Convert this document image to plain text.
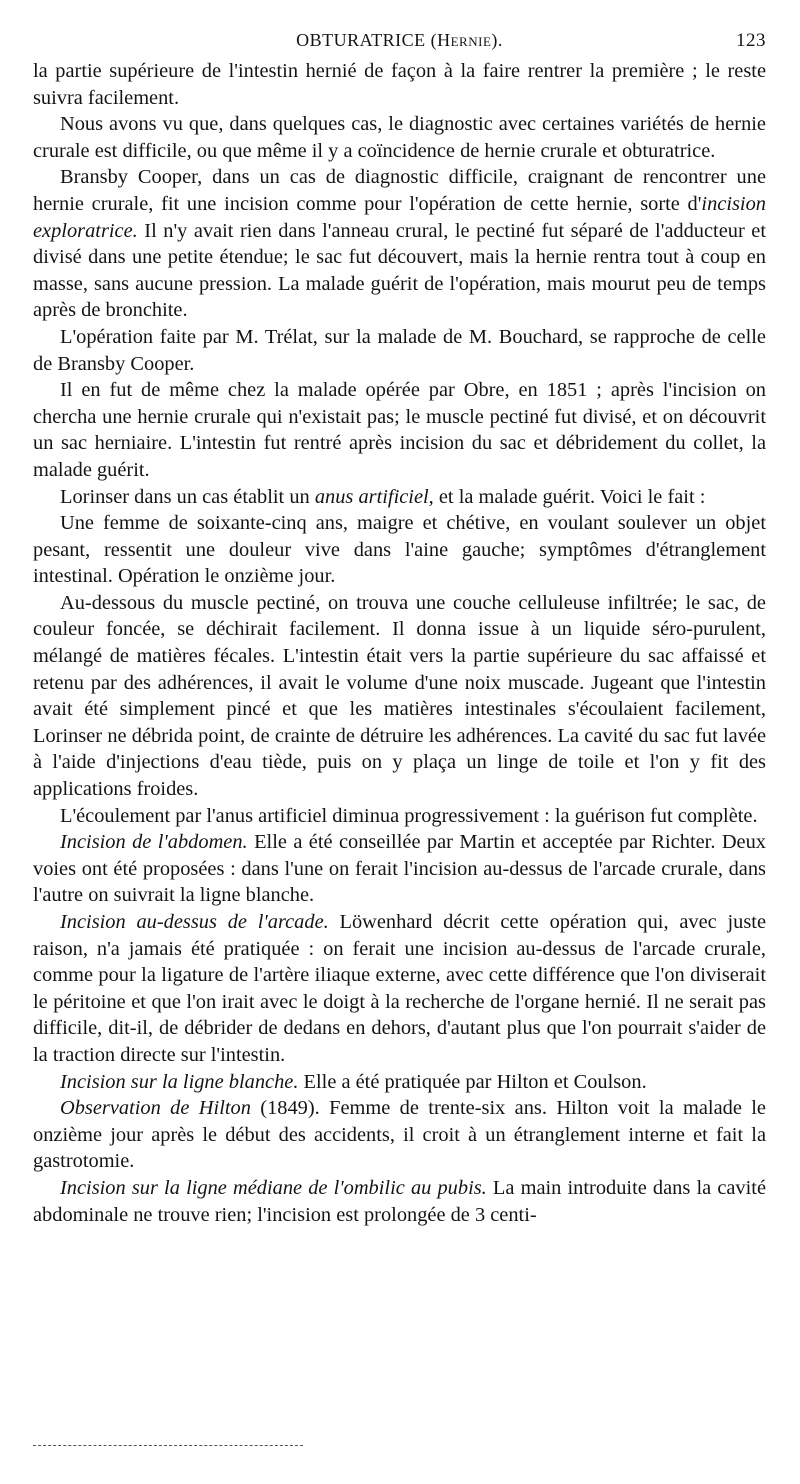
OBTURATRICE (Hernie).	123

la partie supérieure de l'intestin hernié de façon à la faire rentrer la première ; le reste suivra facilement.

Nous avons vu que, dans quelques cas, le diagnostic avec certaines variétés de hernie crurale est difficile, ou que même il y a coïncidence de hernie crurale et obturatrice.

Bransby Cooper, dans un cas de diagnostic difficile, craignant de rencontrer une hernie crurale, fit une incision comme pour l'opération de cette hernie, sorte d'incision exploratrice. Il n'y avait rien dans l'anneau crural, le pectiné fut séparé de l'adducteur et divisé dans une petite étendue; le sac fut découvert, mais la hernie rentra tout à coup en masse, sans aucune pression. La malade guérit de l'opération, mais mourut peu de temps après de bronchite.

L'opération faite par M. Trélat, sur la malade de M. Bouchard, se rapproche de celle de Bransby Cooper.

Il en fut de même chez la malade opérée par Obre, en 1851 ; après l'incision on chercha une hernie crurale qui n'existait pas; le muscle pectiné fut divisé, et on découvrit un sac herniaire. L'intestin fut rentré après incision du sac et débridement du collet, la malade guérit.

Lorinser dans un cas établit un anus artificiel, et la malade guérit. Voici le fait :

Une femme de soixante-cinq ans, maigre et chétive, en voulant soulever un objet pesant, ressentit une douleur vive dans l'aine gauche; symptômes d'étranglement intestinal. Opération le onzième jour.

Au-dessous du muscle pectiné, on trouva une couche celluleuse infiltrée; le sac, de couleur foncée, se déchirait facilement. Il donna issue à un liquide séro-purulent, mélangé de matières fécales. L'intestin était vers la partie supérieure du sac affaissé et retenu par des adhérences, il avait le volume d'une noix muscade. Jugeant que l'intestin avait été simplement pincé et que les matières intestinales s'écoulaient facilement, Lorinser ne débrida point, de crainte de détruire les adhérences. La cavité du sac fut lavée à l'aide d'injections d'eau tiède, puis on y plaça un linge de toile et l'on y fit des applications froides.

L'écoulement par l'anus artificiel diminua progressivement : la guérison fut complète.

Incision de l'abdomen. Elle a été conseillée par Martin et acceptée par Richter. Deux voies ont été proposées : dans l'une on ferait l'incision au-dessus de l'arcade crurale, dans l'autre on suivrait la ligne blanche.

Incision au-dessus de l'arcade. Löwenhard décrit cette opération qui, avec juste raison, n'a jamais été pratiquée : on ferait une incision au-dessus de l'arcade crurale, comme pour la ligature de l'artère iliaque externe, avec cette différence que l'on diviserait le péritoine et que l'on irait avec le doigt à la recherche de l'organe hernié. Il ne serait pas difficile, dit-il, de débrider de dedans en dehors, d'autant plus que l'on pourrait s'aider de la traction directe sur l'intestin.

Incision sur la ligne blanche. Elle a été pratiquée par Hilton et Coulson.

Observation de Hilton (1849). Femme de trente-six ans. Hilton voit la malade le onzième jour après le début des accidents, il croit à un étranglement interne et fait la gastrotomie.

Incision sur la ligne médiane de l'ombilic au pubis. La main introduite dans la cavité abdominale ne trouve rien; l'incision est prolongée de 3 centi-
